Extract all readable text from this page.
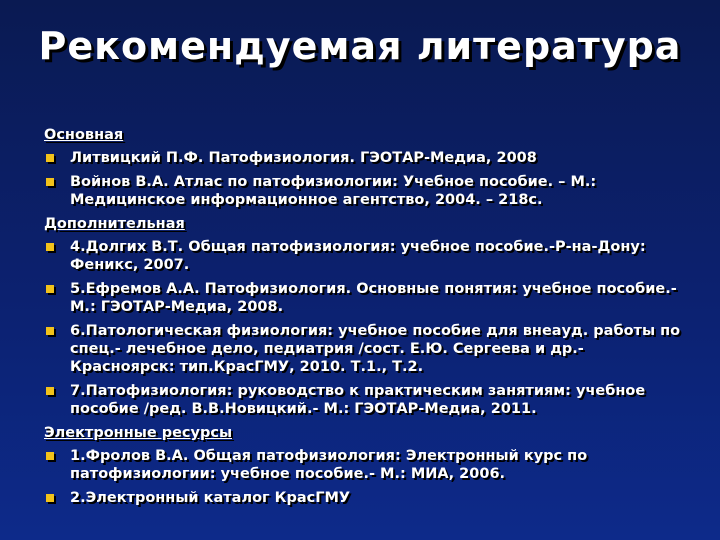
Рекомендуемая литература
Основная
Литвицкий П.Ф. Патофизиология. ГЭОТАР-Медиа, 2008
Войнов В.А. Атлас по патофизиологии: Учебное пособие. – М.: Медицинское информационное агентство, 2004. – 218с.
Дополнительная
4.Долгих В.Т. Общая патофизиология: учебное пособие.-Р-на-Дону: Феникс, 2007.
5.Ефремов А.А. Патофизиология. Основные понятия: учебное пособие.- М.: ГЭОТАР-Медиа, 2008.
6.Патологическая физиология: учебное пособие для внеауд. работы по спец.- лечебное дело, педиатрия /сост. Е.Ю. Сергеева и др.- Красноярск: тип.КрасГМУ, 2010. Т.1., Т.2.
7.Патофизиология: руководство к практическим занятиям: учебное пособие /ред. В.В.Новицкий.- М.: ГЭОТАР-Медиа, 2011.
Электронные ресурсы
1.Фролов В.А. Общая патофизиология: Электронный курс по патофизиологии: учебное пособие.- М.: МИА, 2006.
2.Электронный каталог КрасГМУ
